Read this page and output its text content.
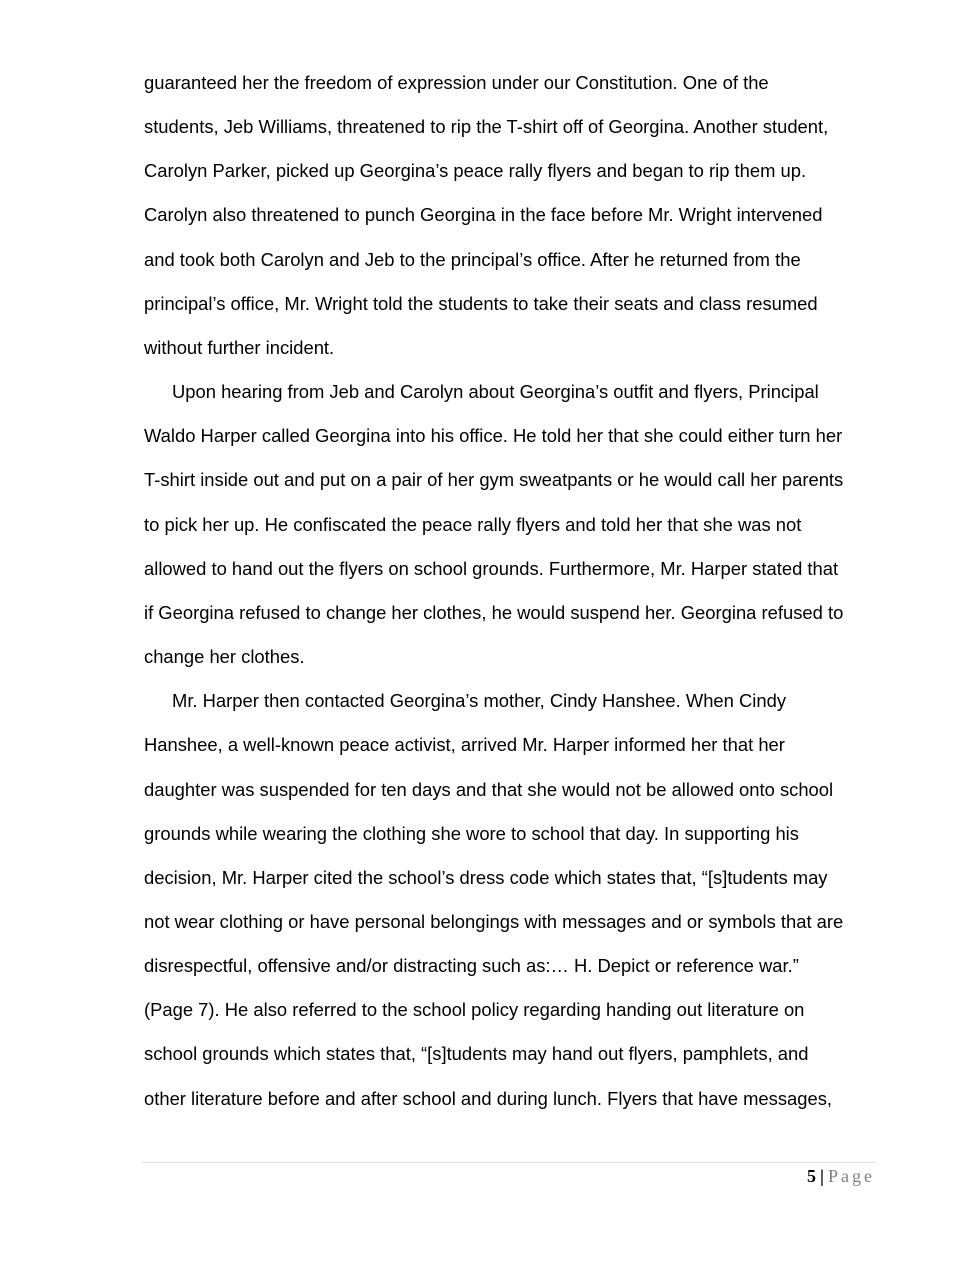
guaranteed her the freedom of expression under our Constitution. One of the
students, Jeb Williams, threatened to rip the T-shirt off of Georgina. Another student,
Carolyn Parker, picked up Georgina’s peace rally flyers and began to rip them up.
Carolyn also threatened to punch Georgina in the face before Mr. Wright intervened
and took both Carolyn and Jeb to the principal’s office. After he returned from the
principal’s office, Mr. Wright told the students to take their seats and class resumed
without further incident.

Upon hearing from Jeb and Carolyn about Georgina’s outfit and flyers, Principal
Waldo Harper called Georgina into his office. He told her that she could either turn her
T-shirt inside out and put on a pair of her gym sweatpants or he would call her parents
to pick her up. He confiscated the peace rally flyers and told her that she was not
allowed to hand out the flyers on school grounds. Furthermore, Mr. Harper stated that
if Georgina refused to change her clothes, he would suspend her. Georgina refused to
change her clothes.

Mr. Harper then contacted Georgina’s mother, Cindy Hanshee. When Cindy
Hanshee, a well-known peace activist, arrived Mr. Harper informed her that her
daughter was suspended for ten days and that she would not be allowed onto school
grounds while wearing the clothing she wore to school that day. In supporting his
decision, Mr. Harper cited the school’s dress code which states that, “[s]tudents may
not wear clothing or have personal belongings with messages and or symbols that are
disrespectful, offensive and/or distracting such as:… H. Depict or reference war.”
(Page 7). He also referred to the school policy regarding handing out literature on
school grounds which states that, “[s]tudents may hand out flyers, pamphlets, and
other literature before and after school and during lunch. Flyers that have messages,

5 | Page
